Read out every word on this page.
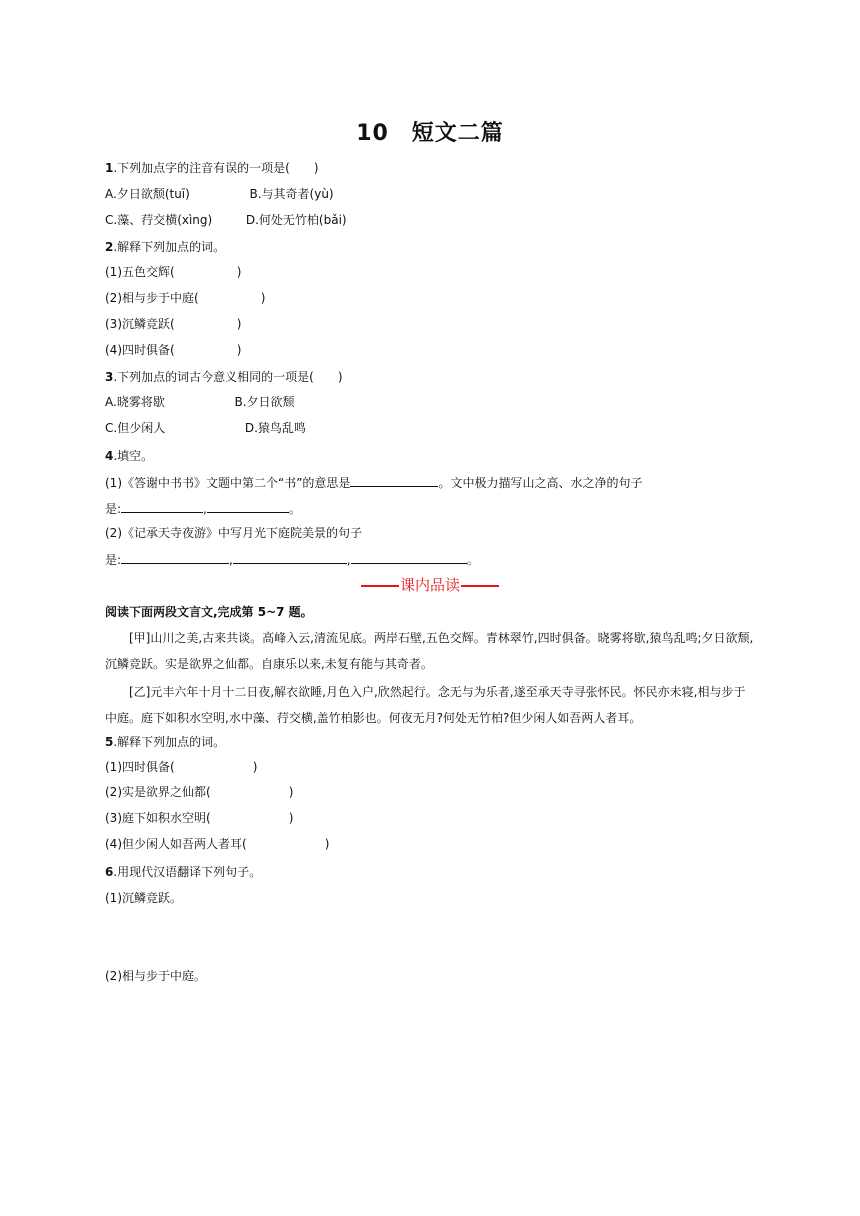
10　短文二篇
1.下列加点字的注音有误的一项是(　　)
A.夕日欲颓(tuī)	B.与其奇者(yù)
C.藻、荇交横(xìng)	D.何处无竹柏(bǎi)
2.解释下列加点的词。
(1)五色交辉(	)
(2)相与步于中庭(	)
(3)沉鳞竞跃(	)
(4)四时俱备(	)
3.下列加点的词古今意义相同的一项是(　　)
A.晓雾将歇	B.夕日欲颓
C.但少闲人	D.猿鸟乱鸣
4.填空。
(1)《答谢中书书》文题中第二个“书”的意思是	。文中极力描写山之高、水之净的句子
是:	,	。
(2)《记承天寺夜游》中写月光下庭院美景的句子
是:	,	,	。
课内品读
阅读下面两段文言文,完成第 5~7 题。
[甲]山川之美,古来共谈。高峰入云,清流见底。两岸石壁,五色交辉。青林翠竹,四时俱备。晓雾将歇,猿鸟乱鸣;夕日欲颓,沉鳞竞跃。实是欲界之仙都。自康乐以来,未复有能与其奇者。
[乙]元丰六年十月十二日夜,解衣欲睡,月色入户,欣然起行。念无与为乐者,遂至承天寺寻张怀民。怀民亦未寝,相与步于中庭。庭下如积水空明,水中藻、荇交横,盖竹柏影也。何夜无月?何处无竹柏?但少闲人如吾两人者耳。
5.解释下列加点的词。
(1)四时俱备(	)
(2)实是欲界之仙都(	)
(3)庭下如积水空明(	)
(4)但少闲人如吾两人者耳(	)
6.用现代汉语翻译下列句子。
(1)沉鳞竞跃。
(2)相与步于中庭。
